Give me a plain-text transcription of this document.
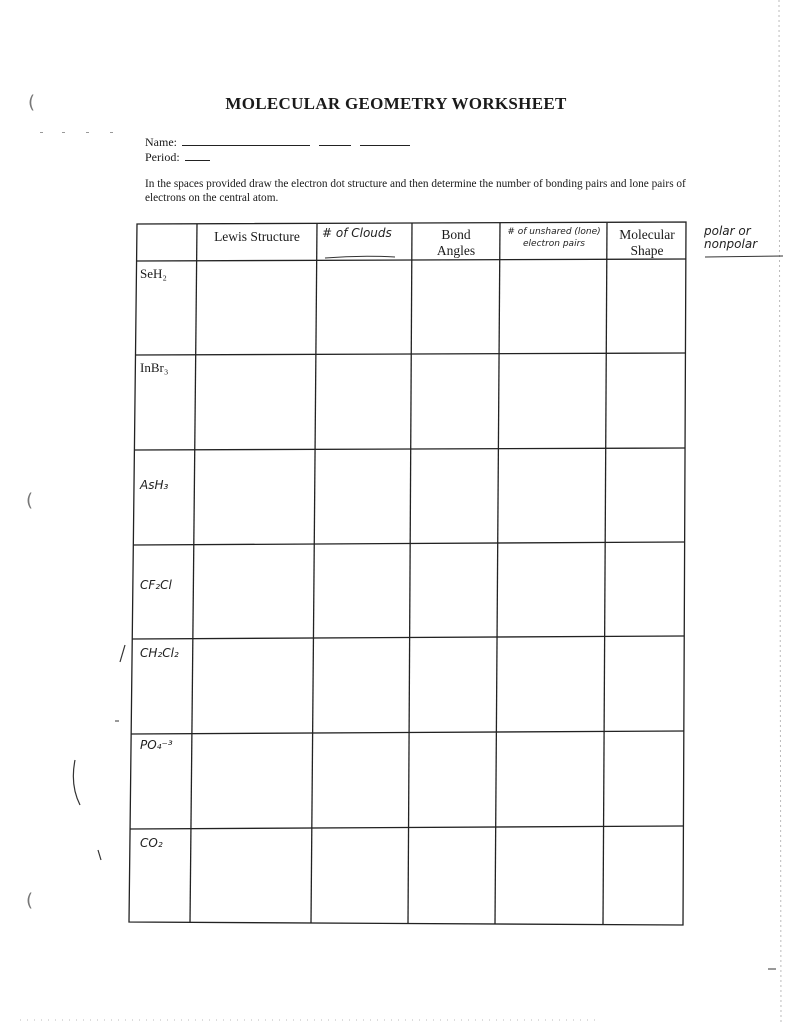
MOLECULAR GEOMETRY WORKSHEET
Name:
Period:
In the spaces provided draw the electron dot structure and then determine the number of bonding pairs and lone pairs of electrons on the central atom.
Lewis Structure	# of Clouds	Bond
Angles
# of unshared (lone) electron pairs
Molecular
Shape
SeH₂
InBr₃
AsH₃
CF₂Cl
CH₂Cl₂
PO₄⁻³
CO₂
polar or
nonpolar
(
(
(
